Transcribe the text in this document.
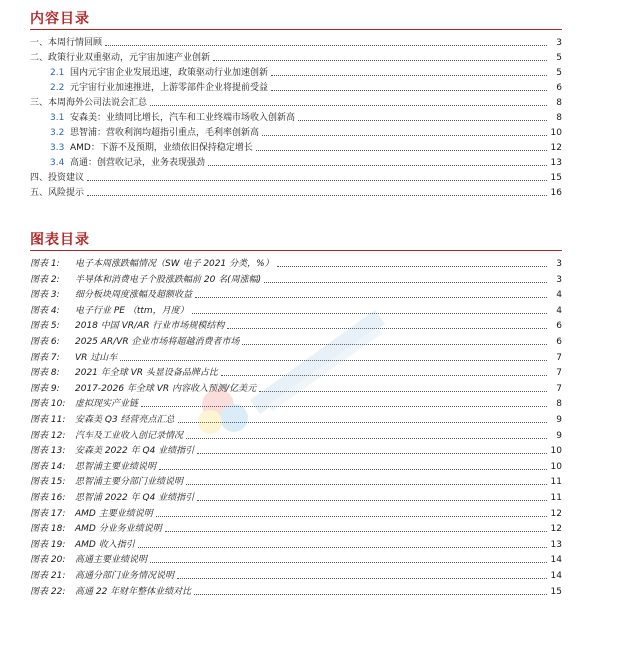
内容目录
一、 本周行情回顾	3
二、 政策行业双重驱动，元宇宙加速产业创新	5
2.1 国内元宇宙企业发展迅速，政策驱动行业加速创新	5
2.2 元宇宙行业加速推进，上游零部件企业将提前受益	6
三、 本周海外公司法说会汇总	8
3.1 安森美：业绩同比增长，汽车和工业终端市场收入创新高	8
3.2 思智浦：营收利润均超指引重点，毛利率创新高	10
3.3 AMD：下游不及预期，业绩依旧保持稳定增长	12
3.4 高通：创营收记录，业务表现强劲	13
四、 投资建议	15
五、 风险提示	16
图表目录
图表 1:	电子本周涨跌幅情况（SW 电子 2021 分类，%）	3
图表 2:	半导体和消费电子个股涨跌幅前 20 名(周涨幅)	3
图表 3:	细分板块周度涨幅及超额收益	4
图表 4:	电子行业 PE （ttm，月度）	4
图表 5:	2018 中国 VR/AR 行业市场规模结构	6
图表 6:	2025 AR/VR 企业市场将超越消费者市场	6
图表 7:	VR 过山车	7
图表 8:	2021 年全球 VR 头显设备品牌占比	7
图表 9:	2017-2026 年全球 VR 内容收入预测/亿美元	7
图表 10:	虚拟现实产业链	8
图表 11:	安森美 Q3 经营亮点汇总	9
图表 12:	汽车及工业收入创记录情况	9
图表 13:	安森美 2022 年 Q4 业绩指引	10
图表 14:	思智浦主要业绩说明	10
图表 15:	思智浦主要分部门业绩说明	11
图表 16:	思智浦 2022 年 Q4 业绩指引	11
图表 17:	AMD 主要业绩说明	12
图表 18:	AMD 分业务业绩说明	12
图表 19:	AMD 收入指引	13
图表 20:	高通主要业绩说明	14
图表 21:	高通分部门业务情况说明	14
图表 22:	高通 22 年财年整体业绩对比	15
